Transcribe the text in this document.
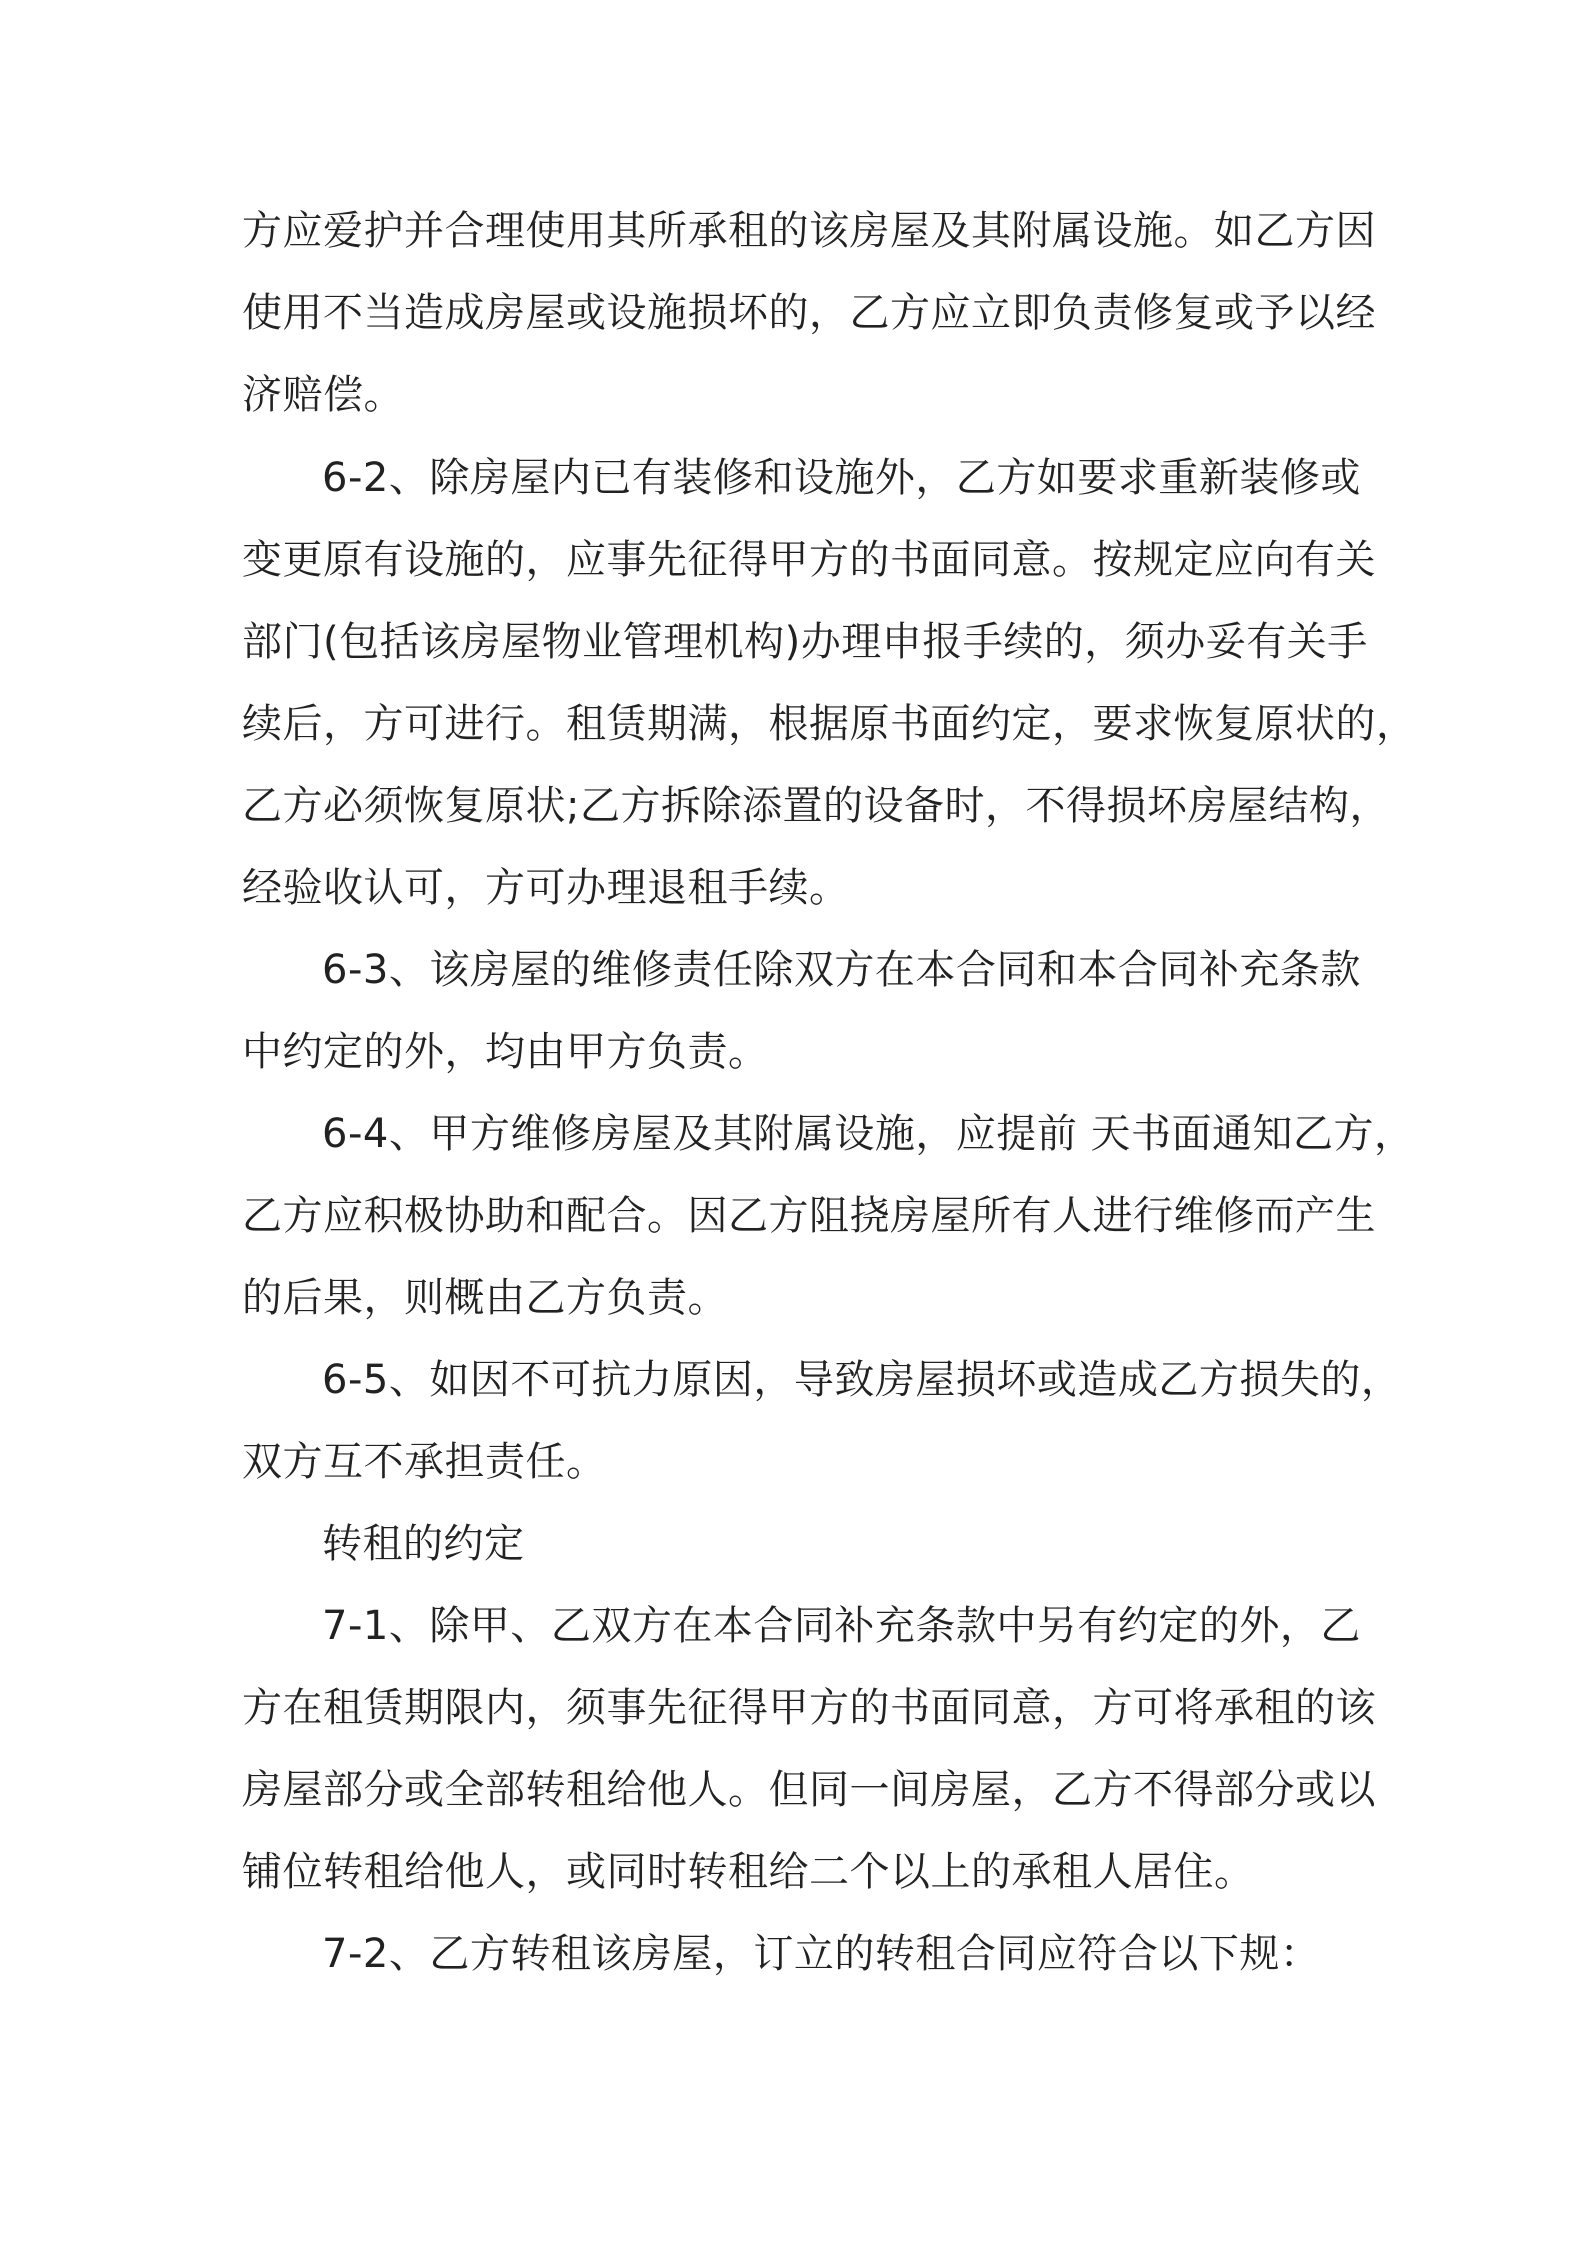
方应爱护并合理使用其所承租的该房屋及其附属设施。如乙方因
使用不当造成房屋或设施损坏的，乙方应立即负责修复或予以经
济赔偿。
6-2、除房屋内已有装修和设施外，乙方如要求重新装修或
变更原有设施的，应事先征得甲方的书面同意。按规定应向有关
部门(包括该房屋物业管理机构)办理申报手续的，须办妥有关手
续后，方可进行。租赁期满，根据原书面约定，要求恢复原状的，
乙方必须恢复原状;乙方拆除添置的设备时，不得损坏房屋结构，
经验收认可，方可办理退租手续。
6-3、该房屋的维修责任除双方在本合同和本合同补充条款
中约定的外，均由甲方负责。
6-4、甲方维修房屋及其附属设施，应提前 天书面通知乙方，
乙方应积极协助和配合。因乙方阻挠房屋所有人进行维修而产生
的后果，则概由乙方负责。
6-5、如因不可抗力原因，导致房屋损坏或造成乙方损失的，
双方互不承担责任。
转租的约定
7-1、除甲、乙双方在本合同补充条款中另有约定的外，乙
方在租赁期限内，须事先征得甲方的书面同意，方可将承租的该
房屋部分或全部转租给他人。但同一间房屋，乙方不得部分或以
铺位转租给他人，或同时转租给二个以上的承租人居住。
7-2、乙方转租该房屋，订立的转租合同应符合以下规：
